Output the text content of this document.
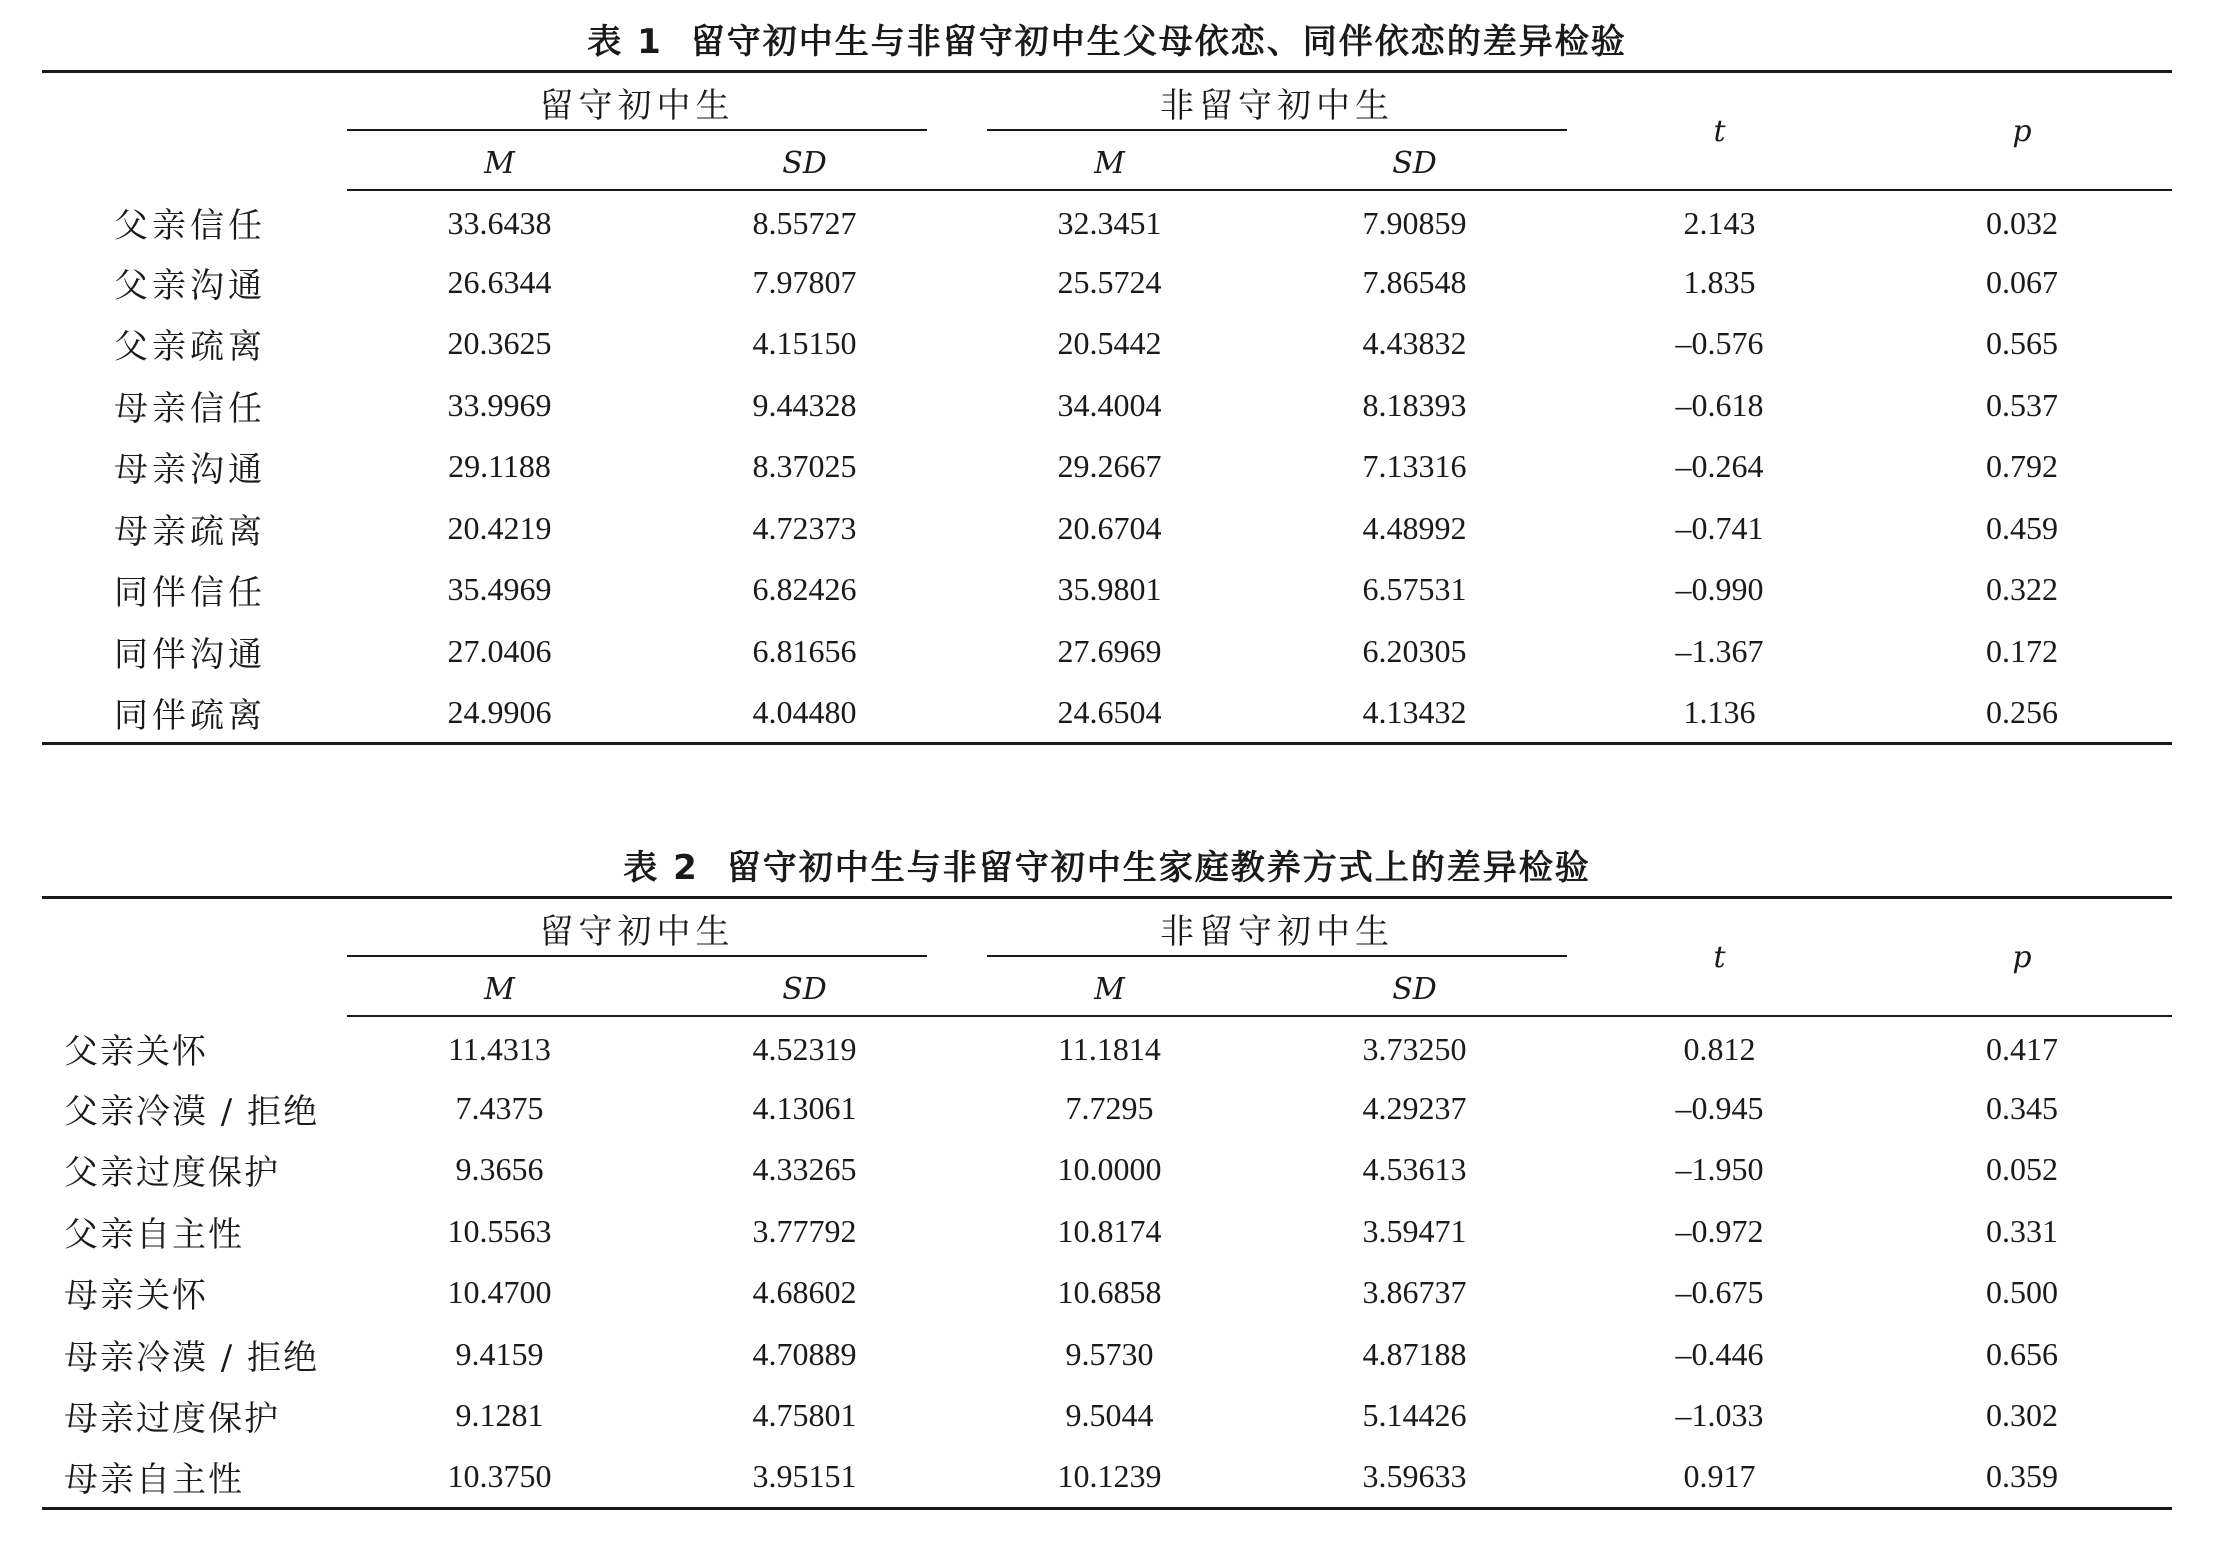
表 1 留守初中生与非留守初中生父母依恋、同伴依恋的差异检验

	留守初中生		非留守初中生		t	p
	M	SD	M	SD		
父亲信任	33.6438	8.55727	32.3451	7.90859	2.143	0.032
父亲沟通	26.6344	7.97807	25.5724	7.86548	1.835	0.067
父亲疏离	20.3625	4.15150	20.5442	4.43832	–0.576	0.565
母亲信任	33.9969	9.44328	34.4004	8.18393	–0.618	0.537
母亲沟通	29.1188	8.37025	29.2667	7.13316	–0.264	0.792
母亲疏离	20.4219	4.72373	20.6704	4.48992	–0.741	0.459
同伴信任	35.4969	6.82426	35.9801	6.57531	–0.990	0.322
同伴沟通	27.0406	6.81656	27.6969	6.20305	–1.367	0.172
同伴疏离	24.9906	4.04480	24.6504	4.13432	1.136	0.256
表 2 留守初中生与非留守初中生家庭教养方式上的差异检验

	留守初中生		非留守初中生		t	p
	M	SD	M	SD		
父亲关怀	11.4313	4.52319	11.1814	3.73250	0.812	0.417
父亲冷漠 / 拒绝	7.4375	4.13061	7.7295	4.29237	–0.945	0.345
父亲过度保护	9.3656	4.33265	10.0000	4.53613	–1.950	0.052
父亲自主性	10.5563	3.77792	10.8174	3.59471	–0.972	0.331
母亲关怀	10.4700	4.68602	10.6858	3.86737	–0.675	0.500
母亲冷漠 / 拒绝	9.4159	4.70889	9.5730	4.87188	–0.446	0.656
母亲过度保护	9.1281	4.75801	9.5044	5.14426	–1.033	0.302
母亲自主性	10.3750	3.95151	10.1239	3.59633	0.917	0.359
